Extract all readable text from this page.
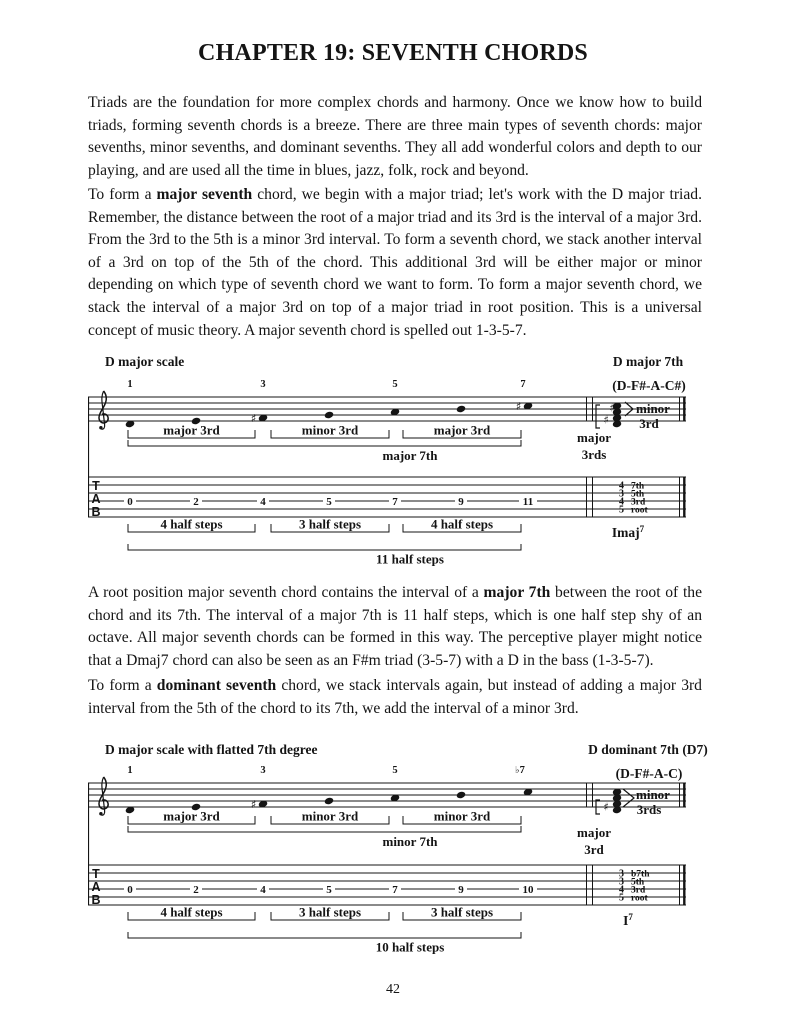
CHAPTER 19: SEVENTH CHORDS

Triads are the foundation for more complex chords and harmony. Once we know how to build triads, forming seventh chords is a breeze. There are three main types of seventh chords: major sevenths, minor sevenths, and dominant sevenths. They all add wonderful colors and depth to our playing, and are used all the time in blues, jazz, folk, rock and beyond.

To form a major seventh chord, we begin with a major triad; let's work with the D major triad. Remember, the distance between the root of a major triad and its 3rd is the interval of a major 3rd. From the 3rd to the 5th is a minor 3rd interval. To form a seventh chord, we stack another interval of a 3rd on top of the 5th of the chord. This additional 3rd will be either major or minor depending on which type of seventh chord we want to form. To form a major seventh chord, we stack the interval of a major 3rd on top of a major triad in root position. This is a universal concept of music theory. A major seventh chord is spelled out 1-3-5-7.

D major scale	D major 7th
(D-F#-A-C#)
1	3	5	7
♯
♯
major 3rd	minor 3rd	major 3rd
major 7th
♯
♯ minor
3rd
major
3rds
T
A
B
0	2	4	5	7	9	11
4 half steps	3 half steps	4 half steps
11 half steps
4 7th
3 5th
4 3rd
5 root
Imaj$^7$

A root position major seventh chord contains the interval of a major 7th between the root of the chord and its 7th. The interval of a major 7th is 11 half steps, which is one half step shy of an octave. All major seventh chords can be formed in this way. The perceptive player might notice that a Dmaj7 chord can also be seen as an F#m triad (3-5-7) with a D in the bass (1-3-5-7).

To form a dominant seventh chord, we stack intervals again, but instead of adding a major 3rd interval from the 5th of the chord to its 7th, we add the interval of a minor 3rd.

D major scale with flatted 7th degree	D dominant 7th (D7)
(D-F#-A-C)
1	3	5	♭7
♯
major 3rd	minor 3rd	minor 3rd
minor 7th
♯
minor
3rds
major
3rd
T
A
B
0	2	4	5	7	9	10
4 half steps	3 half steps	3 half steps
10 half steps
3 b7th
3 5th
4 3rd
5 root
$I^7$
42
